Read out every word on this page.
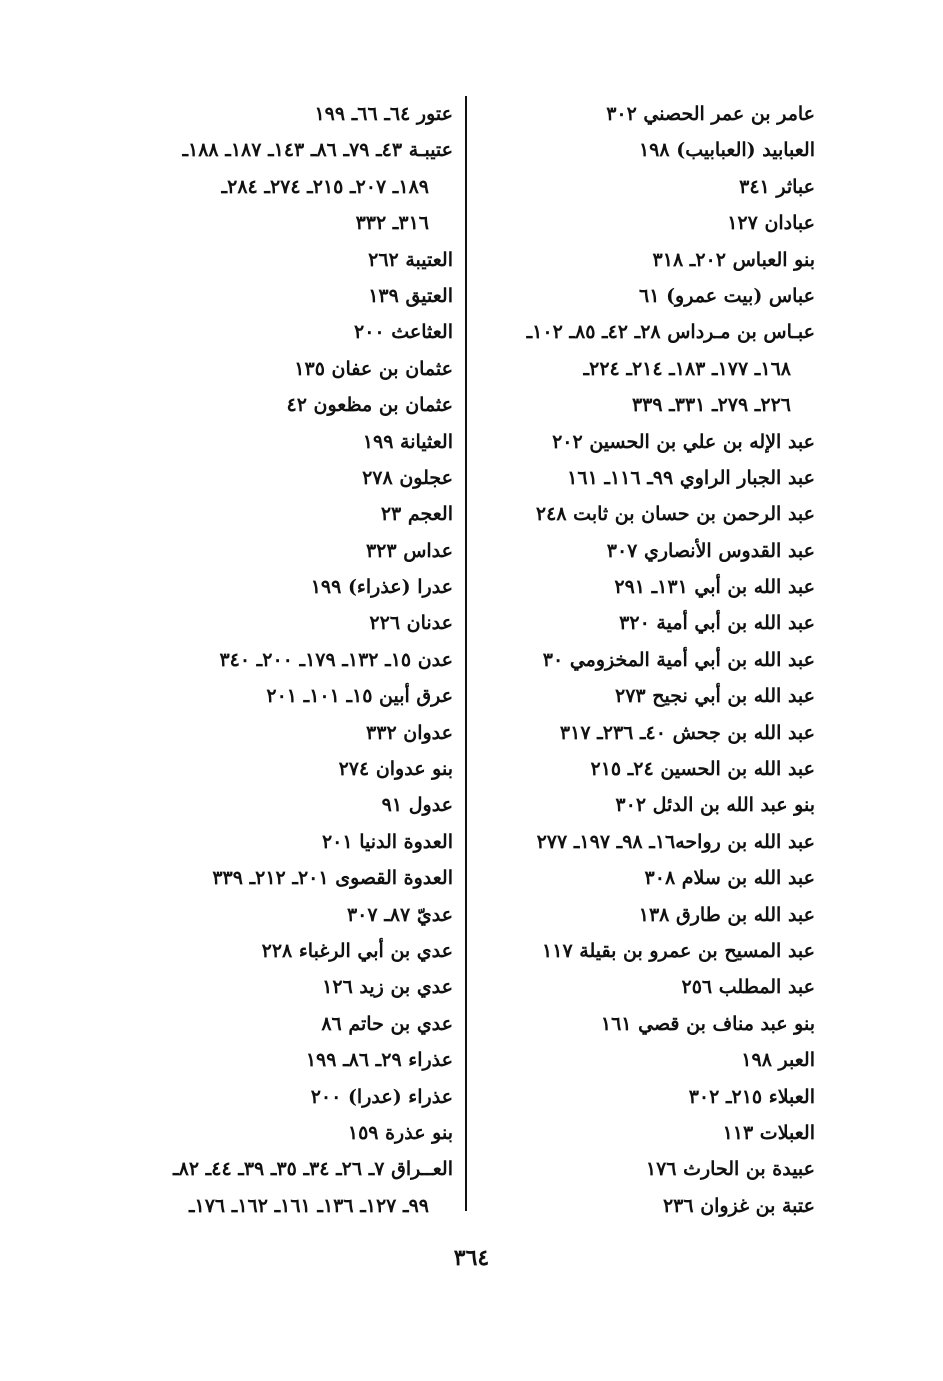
عامر بن عمر الحصني ٣٠٢
العبابيد (العبابيب) ١٩٨
عباثر ٣٤١
عبادان ١٢٧
بنو العباس ٢٠٢ـ ٣١٨
عباس (بيت عمرو) ٦١
عبـاس بن مـرداس ٢٨ـ ٤٢ـ ٨٥ـ ١٠٢ـ
١٦٨ـ ١٧٧ـ ١٨٣ـ ٢١٤ـ ٢٢٤ـ
٢٢٦ـ ٢٧٩ـ ٣٣١ـ ٣٣٩
عبد الإله بن علي بن الحسين ٢٠٢
عبد الجبار الراوي ٩٩ـ ١١٦ـ ١٦١
عبد الرحمن بن حسان بن ثابت ٢٤٨
عبد القدوس الأنصاري ٣٠٧
عبد الله بن أبي ١٣١ـ ٢٩١
عبد الله بن أبي أمية ٣٢٠
عبد الله بن أبي أمية المخزومي ٣٠
عبد الله بن أبي نجيح ٢٧٣
عبد الله بن جحش ٤٠ـ ٢٣٦ـ ٣١٧
عبد الله بن الحسين ٢٤ـ ٢١٥
بنو عبد الله بن الدئل ٣٠٢
عبد الله بن رواحه١٦ـ ٩٨ـ ١٩٧ـ ٢٧٧
عبد الله بن سلام ٣٠٨
عبد الله بن طارق ١٣٨
عبد المسيح بن عمرو بن بقيلة ١١٧
عبد المطلب ٢٥٦
بنو عبد مناف بن قصي ١٦١
العبر ١٩٨
العبلاء ٢١٥ـ ٣٠٢
العبلات ١١٣
عبيدة بن الحارث ١٧٦
عتبة بن غزوان ٢٣٦
عتور ٦٤ـ ٦٦ـ ١٩٩
عتيبـة ٤٣ـ ٧٩ـ ٨٦ـ ١٤٣ـ ١٨٧ـ ١٨٨ـ
١٨٩ـ ٢٠٧ـ ٢١٥ـ ٢٧٤ـ ٢٨٤ـ
٣١٦ـ ٣٣٢
العتيبة ٢٦٢
العتيق ١٣٩
العثاعث ٢٠٠
عثمان بن عفان ١٣٥
عثمان بن مظعون ٤٢
العثيانة ١٩٩
عجلون ٢٧٨
العجم ٢٣
عداس ٣٢٣
عدرا (عذراء) ١٩٩
عدنان ٢٢٦
عدن ١٥ـ ١٣٢ـ ١٧٩ـ ٢٠٠ـ ٣٤٠
عرق أبين ١٥ـ ١٠١ـ ٢٠١
عدوان ٣٣٢
بنو عدوان ٢٧٤
عدول ٩١
العدوة الدنيا ٢٠١
العدوة القصوى ٢٠١ـ ٢١٢ـ ٣٣٩
عديّ ٨٧ـ ٣٠٧
عدي بن أبي الرغباء ٢٢٨
عدي بن زيد ١٢٦
عدي بن حاتم ٨٦
عذراء ٢٩ـ ٨٦ـ ١٩٩
عذراء (عدرا) ٢٠٠
بنو عذرة ١٥٩
العــراق ٧ـ ٢٦ـ ٣٤ـ ٣٥ـ ٣٩ـ ٤٤ـ ٨٢ـ
٩٩ـ ١٢٧ـ ١٣٦ـ ١٦١ـ ١٦٢ـ ١٧٦ـ
٣٦٤
